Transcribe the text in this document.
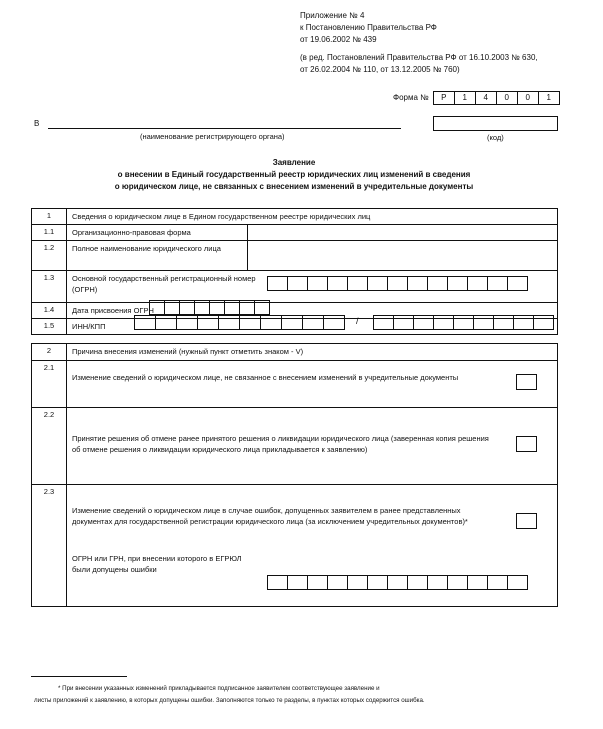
Приложение № 4
к Постановлению Правительства РФ
от 19.06.2002 № 439
(в ред. Постановлений Правительства РФ от 16.10.2003 № 630,
от 26.02.2004 № 110, от 13.12.2005 № 760)
Форма №	Р	1	4	0	0	1
В
(наименование регистрирующего органа)	(код)
Заявление
о внесении в Единый государственный реестр юридических лиц изменений в сведения
о юридическом лице, не связанных с внесением изменений в учредительные документы
1	Сведения о юридическом лице в Едином государственном реестре юридических лиц	
1.1	Организационно-правовая форма	
1.2	Полное наименование юридического лица	
1.3	Основной государственный регистрационный номер (ОГРН)	
1.4	Дата присвоения ОГРН	
1.5	ИНН/КПП	
/
2	Причина внесения изменений (нужный пункт отметить знаком - V)
2.1	Изменение сведений о юридическом лице, не связанное с внесением изменений в учредительные документы

2.2	Принятие решения об отмене ранее принятого решения о ликвидации юридического лица (заверенная копия решения об отмене решения о ликвидации юридического лица прикладывается к заявлению)

2.3	Изменение сведений о юридическом лице в случае ошибок, допущенных заявителем в ранее представленных документах для государственной регистрации юридического лица (за исключением учредительных документов)*
ОГРН или ГРН, при внесении которого в ЕГРЮЛ были допущены ошибки
* При внесении указанных изменений прикладывается подписанное заявителем соответствующее заявление и
листы приложений к заявлению, в которых допущены ошибки. Заполняются только те разделы, в пунктах которых содержится ошибка.
